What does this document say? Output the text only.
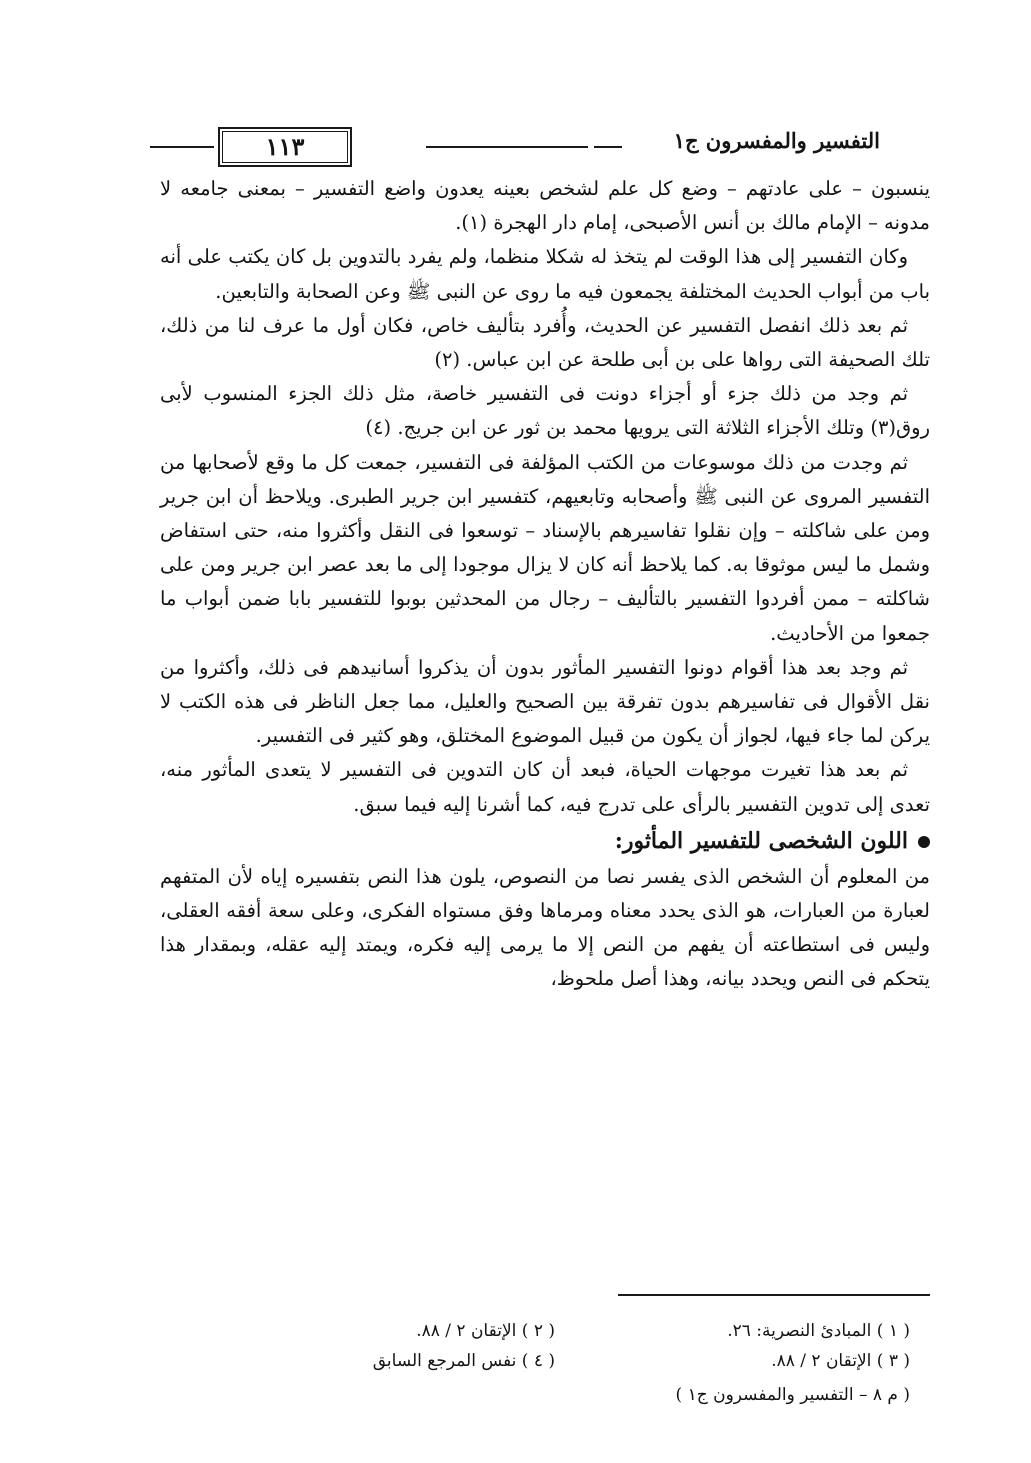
التفسير والمفسرون ج١
١١٣

ينسبون – على عادتهم – وضع كل علم لشخص بعينه يعدون واضع التفسير – بمعنى جامعه لا مدونه – الإمام مالك بن أنس الأصبحى، إمام دار الهجرة (١).

وكان التفسير إلى هذا الوقت لم يتخذ له شكلا منظما، ولم يفرد بالتدوين بل كان يكتب على أنه باب من أبواب الحديث المختلفة يجمعون فيه ما روى عن النبى ﷺ وعن الصحابة والتابعين.

ثم بعد ذلك انفصل التفسير عن الحديث، وأُفرد بتأليف خاص، فكان أول ما عرف لنا من ذلك، تلك الصحيفة التى رواها على بن أبى طلحة عن ابن عباس. (٢)

ثم وجد من ذلك جزء أو أجزاء دونت فى التفسير خاصة، مثل ذلك الجزء المنسوب لأبى روق(٣) وتلك الأجزاء الثلاثة التى يرويها محمد بن ثور عن ابن جريج. (٤)

ثم وجدت من ذلك موسوعات من الكتب المؤلفة فى التفسير، جمعت كل ما وقع لأصحابها من التفسير المروى عن النبى ﷺ وأصحابه وتابعيهم، كتفسير ابن جرير الطبرى. ويلاحظ أن ابن جرير ومن على شاكلته – وإن نقلوا تفاسيرهم بالإسناد – توسعوا فى النقل وأكثروا منه، حتى استفاض وشمل ما ليس موثوقا به. كما يلاحظ أنه كان لا يزال موجودا إلى ما بعد عصر ابن جرير ومن على شاكلته – ممن أفردوا التفسير بالتأليف – رجال من المحدثين بوبوا للتفسير بابا ضمن أبواب ما جمعوا من الأحاديث.

ثم وجد بعد هذا أقوام دونوا التفسير المأثور بدون أن يذكروا أسانيدهم فى ذلك، وأكثروا من نقل الأقوال فى تفاسيرهم بدون تفرقة بين الصحيح والعليل، مما جعل الناظر فى هذه الكتب لا يركن لما جاء فيها، لجواز أن يكون من قبيل الموضوع المختلق، وهو كثير فى التفسير.

ثم بعد هذا تغيرت موجهات الحياة، فبعد أن كان التدوين فى التفسير لا يتعدى المأثور منه، تعدى إلى تدوين التفسير بالرأى على تدرج فيه، كما أشرنا إليه فيما سبق.

اللون الشخصى للتفسير المأثور:

من المعلوم أن الشخص الذى يفسر نصا من النصوص، يلون هذا النص بتفسيره إياه لأن المتفهم لعبارة من العبارات، هو الذى يحدد معناه ومرماها وفق مستواه الفكرى، وعلى سعة أفقه العقلى، وليس فى استطاعته أن يفهم من النص إلا ما يرمى إليه فكره، ويمتد إليه عقله، وبمقدار هذا يتحكم فى النص ويحدد بيانه، وهذا أصل ملحوظ،

( ١ ) المبادئ النصرية: ٢٦.
( ٢ ) الإتقان ٢ / ٨٨.
( ٣ ) الإتقان ٢ / ٨٨.
( ٤ ) نفس المرجع السابق
( م ٨ – التفسير والمفسرون ج١ )
